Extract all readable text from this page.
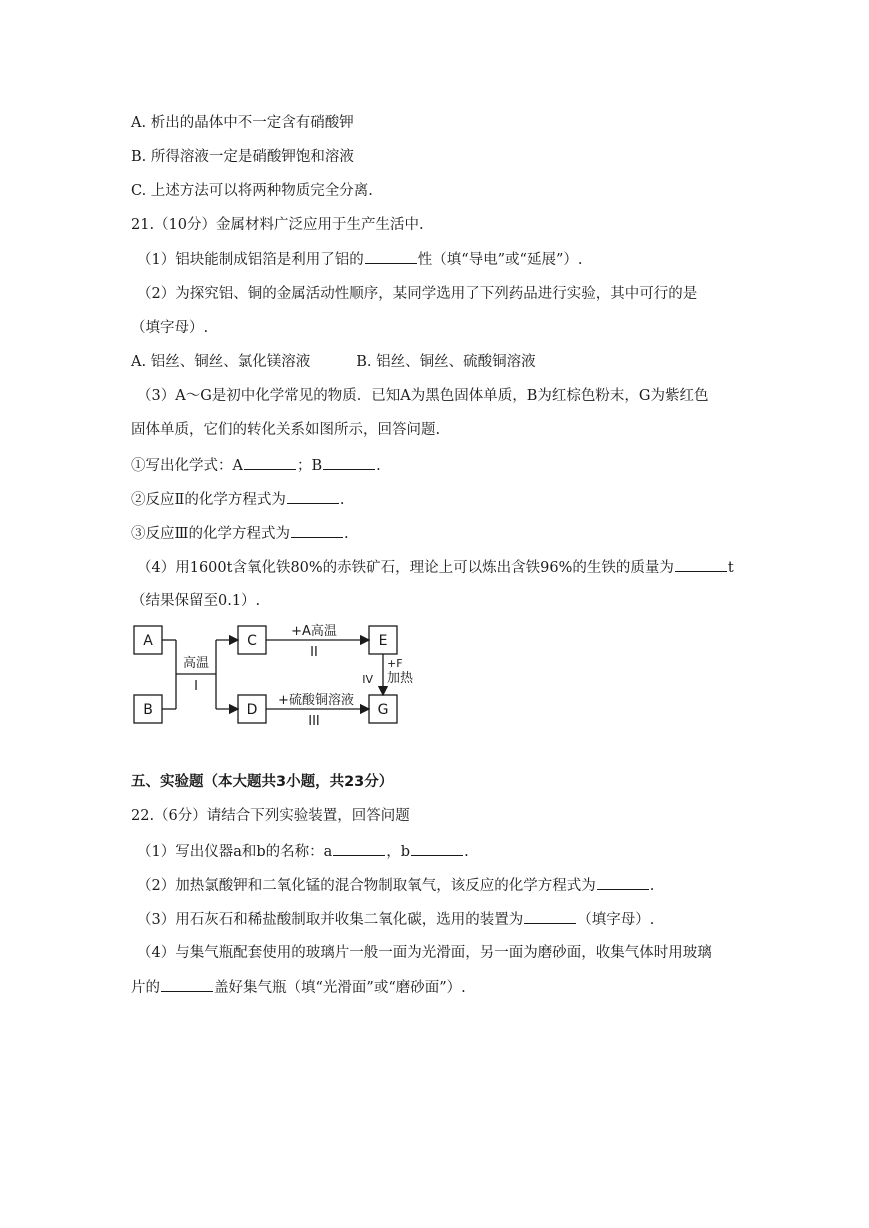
A. 析出的晶体中不一定含有硝酸钾
B. 所得溶液一定是硝酸钾饱和溶液
C. 上述方法可以将两种物质完全分离.
21.（10分）金属材料广泛应用于生产生活中.
（1）铝块能制成铝箔是利用了铝的	性（填“导电”或“延展”）.
（2）为探究铝、铜的金属活动性顺序，某同学选用了下列药品进行实验，其中可行的是
（填字母）.
A. 铝丝、铜丝、氯化镁溶液          B. 铝丝、铜丝、硫酸铜溶液
（3）A～G是初中化学常见的物质．已知A为黑色固体单质，B为红棕色粉末，G为紫红色
固体单质，它们的转化关系如图所示，回答问题.
①写出化学式：A	；B	.
②反应Ⅱ的化学方程式为	.
③反应Ⅲ的化学方程式为	.
（4）用1600t含氧化铁80%的赤铁矿石，理论上可以炼出含铁96%的生铁的质量为	t
（结果保留至0.1）.
A
B
C
D
E
G
高温
I
+A高温
II
+硫酸铜溶液
III
IV
+F
加热
五、实验题（本大题共3小题，共23分）
22.（6分）请结合下列实验装置，回答问题
（1）写出仪器a和b的名称：a	，b	.
（2）加热氯酸钾和二氧化锰的混合物制取氧气，该反应的化学方程式为	.
（3）用石灰石和稀盐酸制取并收集二氧化碳，选用的装置为	（填字母）.
（4）与集气瓶配套使用的玻璃片一般一面为光滑面，另一面为磨砂面，收集气体时用玻璃
片的	盖好集气瓶（填“光滑面”或“磨砂面”）.
